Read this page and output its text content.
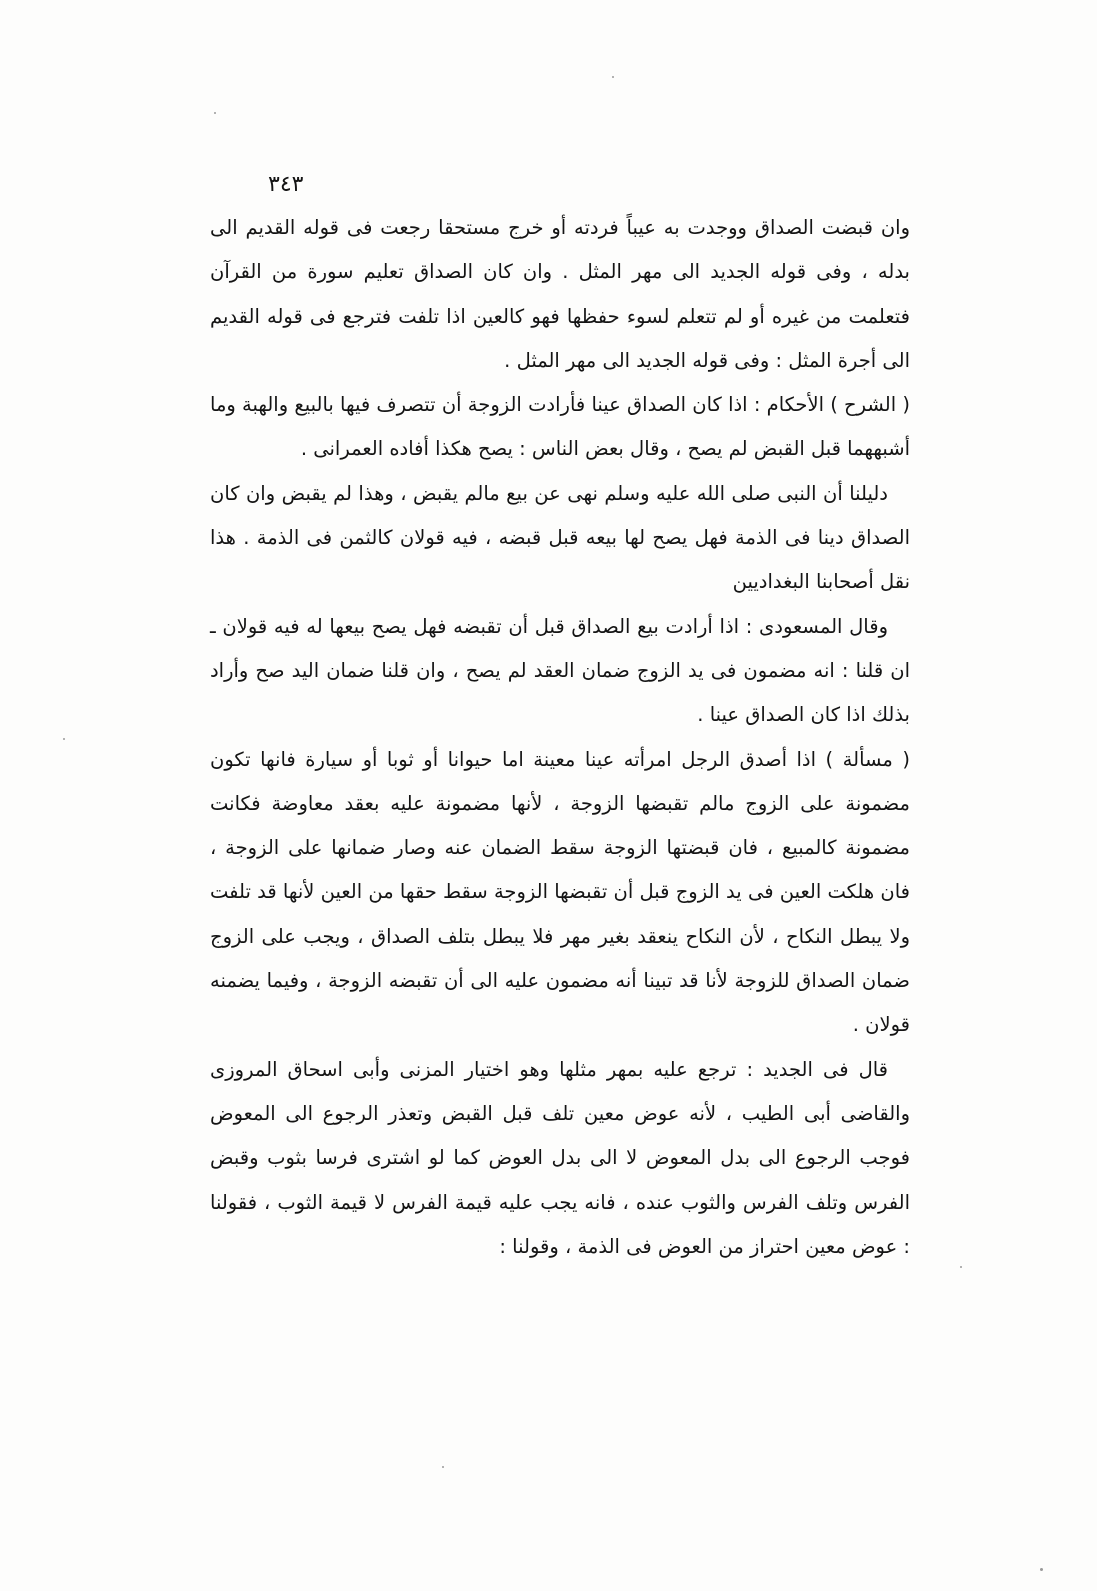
٣٤٣

وان قبضت الصداق ووجدت به عيباً فردته أو خرج مستحقا رجعت فى قوله القديم الى بدله ، وفى قوله الجديد الى مهر المثل . وان كان الصداق تعليم سورة من القرآن فتعلمت من غيره أو لم تتعلم لسوء حفظها فهو كالعين اذا تلفت فترجع فى قوله القديم الى أجرة المثل : وفى قوله الجديد الى مهر المثل .

( الشرح ) الأحكام : اذا كان الصداق عينا فأرادت الزوجة أن تتصرف فيها بالبيع والهبة وما أشبههما قبل القبض لم يصح ، وقال بعض الناس : يصح هكذا أفاده العمرانى .

دليلنا أن النبى صلى الله عليه وسلم نهى عن بيع مالم يقبض ، وهذا لم يقبض وان كان الصداق دينا فى الذمة فهل يصح لها بيعه قبل قبضه ، فيه قولان كالثمن فى الذمة . هذا نقل أصحابنا البغداديين

وقال المسعودى : اذا أرادت بيع الصداق قبل أن تقبضه فهل يصح بيعها له فيه قولان ـ ان قلنا : انه مضمون فى يد الزوج ضمان العقد لم يصح ، وان قلنا ضمان اليد صح وأراد بذلك اذا كان الصداق عينا .

( مسألة ) اذا أصدق الرجل امرأته عينا معينة اما حيوانا أو ثوبا أو سيارة فانها تكون مضمونة على الزوج مالم تقبضها الزوجة ، لأنها مضمونة عليه بعقد معاوضة فكانت مضمونة كالمبيع ، فان قبضتها الزوجة سقط الضمان عنه وصار ضمانها على الزوجة ، فان هلكت العين فى يد الزوج قبل أن تقبضها الزوجة سقط حقها من العين لأنها قد تلفت ولا يبطل النكاح ، لأن النكاح ينعقد بغير مهر فلا يبطل بتلف الصداق ، ويجب على الزوج ضمان الصداق للزوجة لأنا قد تبينا أنه مضمون عليه الى أن تقبضه الزوجة ، وفيما يضمنه قولان .

قال فى الجديد : ترجع عليه بمهر مثلها وهو اختيار المزنى وأبى اسحاق المروزى والقاضى أبى الطيب ، لأنه عوض معين تلف قبل القبض وتعذر الرجوع الى المعوض فوجب الرجوع الى بدل المعوض لا الى بدل العوض كما لو اشترى فرسا بثوب وقبض الفرس وتلف الفرس والثوب عنده ، فانه يجب عليه قيمة الفرس لا قيمة الثوب ، فقولنا : عوض معين احتراز من العوض فى الذمة ، وقولنا :
